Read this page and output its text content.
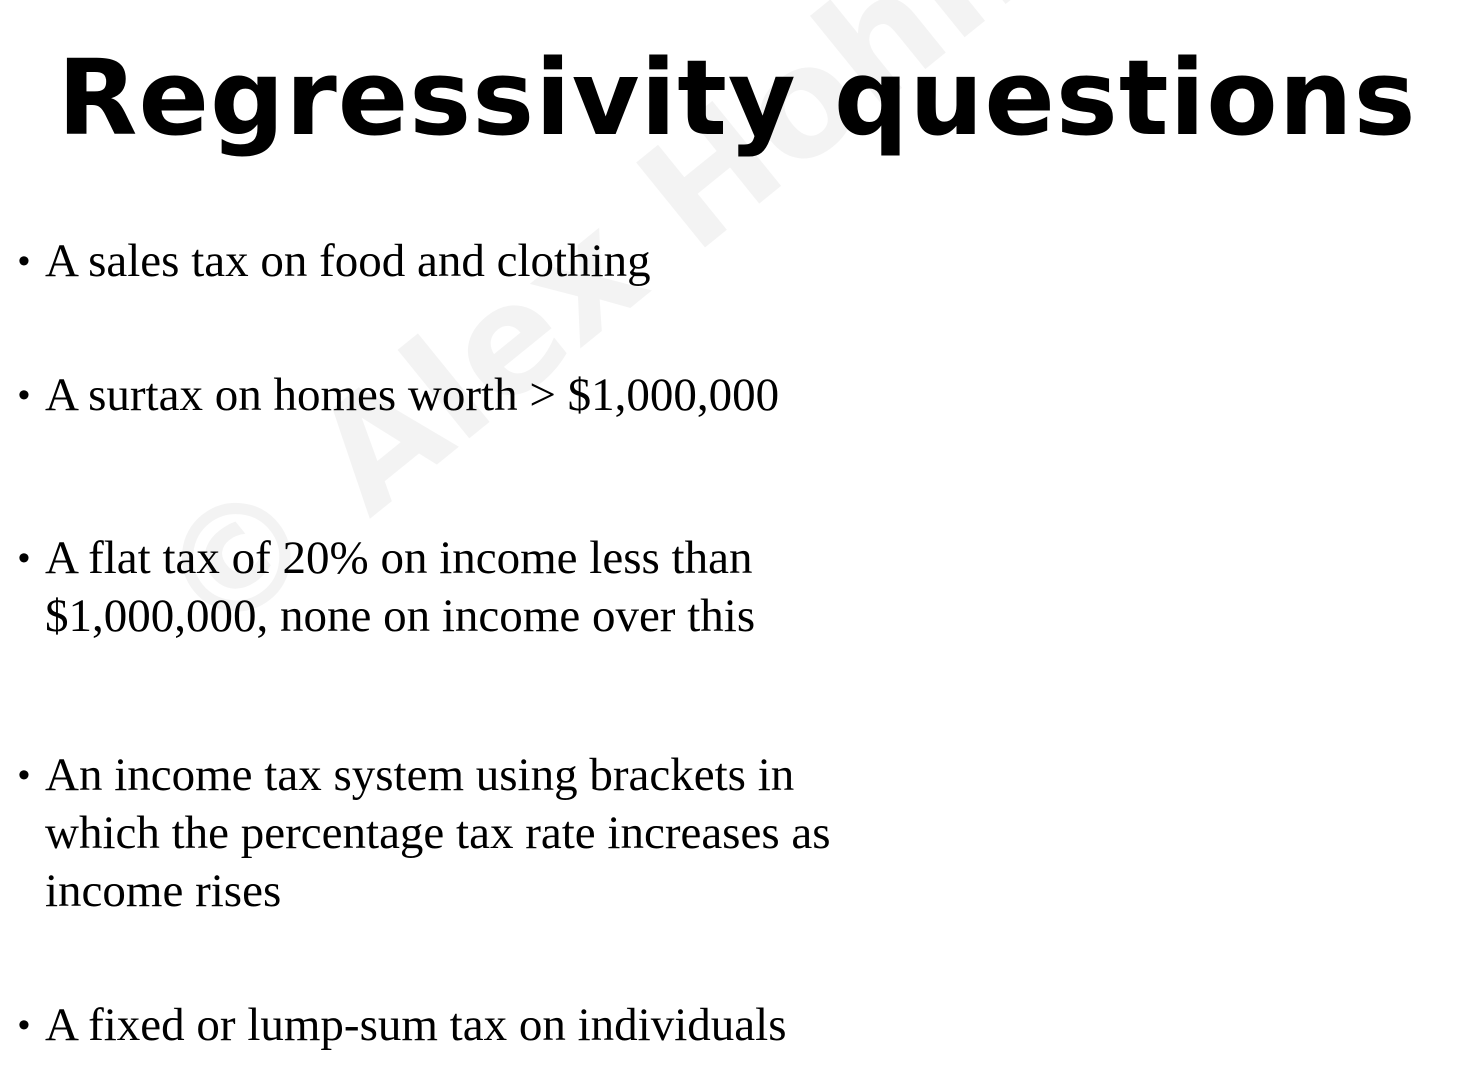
Regressivity questions
• A sales tax on food and clothing
• A surtax on homes worth > $1,000,000
• A flat tax of 20% on income less than
$1,000,000, none on income over this
• An income tax system using brackets in
which the percentage tax rate increases as
income rises
• A fixed or lump-sum tax on individuals
